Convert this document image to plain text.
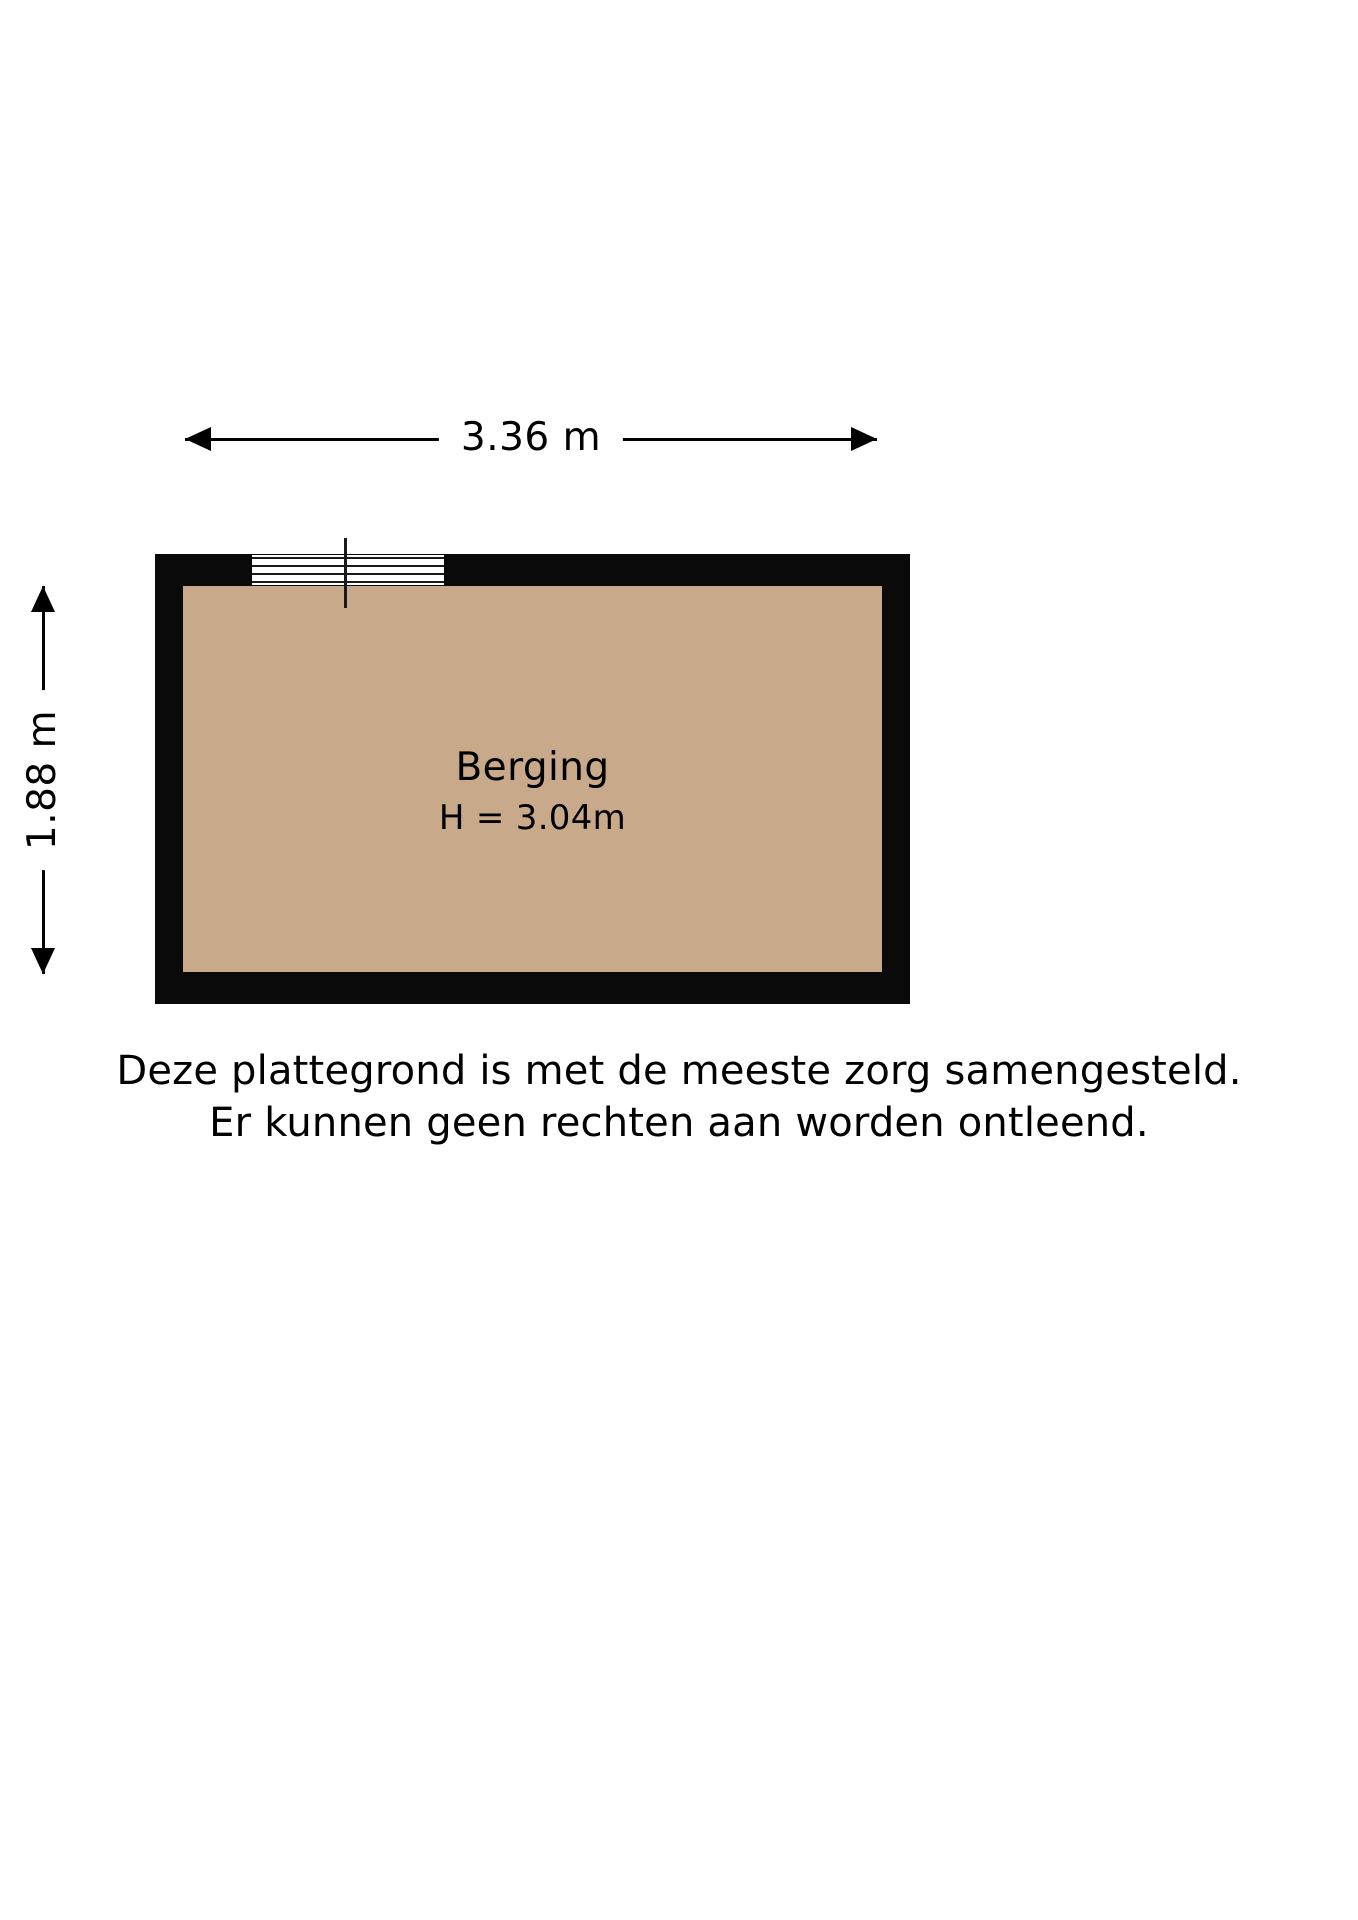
3.36 m
1.88 m	Berging
H = 3.04m
Deze plattegrond is met de meeste zorg samengesteld.
Er kunnen geen rechten aan worden ontleend.
